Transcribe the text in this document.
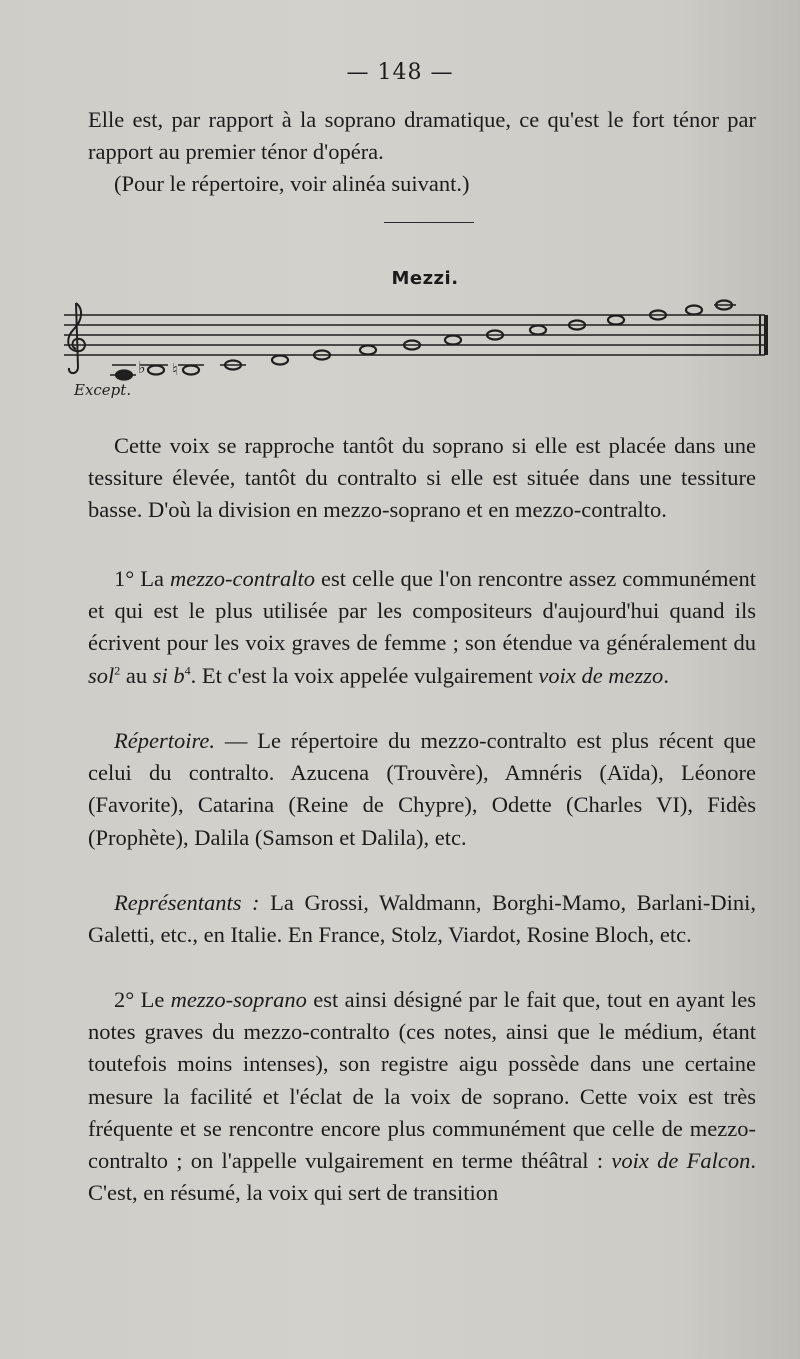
— 148 —
Elle est, par rapport à la soprano dramatique, ce qu'est le fort ténor par rapport au premier ténor d'opéra.
(Pour le répertoire, voir alinéa suivant.)
Mezzi.
♭ ♮
Except.
Cette voix se rapproche tantôt du soprano si elle est placée dans une tessiture élevée, tantôt du contralto si elle est située dans une tessiture basse. D'où la division en mezzo-soprano et en mezzo-contralto.
1° La mezzo-contralto est celle que l'on rencontre assez communément et qui est le plus utilisée par les compositeurs d'aujourd'hui quand ils écrivent pour les voix graves de femme ; son étendue va généralement du sol$^2$ au si $b^4$. Et c'est la voix appelée vulgairement voix de mezzo.
Répertoire. — Le répertoire du mezzo-contralto est plus récent que celui du contralto. Azucena (Trouvère), Amnéris (Aïda), Léonore (Favorite), Catarina (Reine de Chypre), Odette (Charles VI), Fidès (Prophète), Dalila (Samson et Dalila), etc.
Représentants : La Grossi, Waldmann, Borghi-Mamo, Barlani-Dini, Galetti, etc., en Italie. En France, Stolz, Viardot, Rosine Bloch, etc.
2° Le mezzo-soprano est ainsi désigné par le fait que, tout en ayant les notes graves du mezzo-contralto (ces notes, ainsi que le médium, étant toutefois moins intenses), son registre aigu possède dans une certaine mesure la facilité et l'éclat de la voix de soprano. Cette voix est très fréquente et se rencontre encore plus communément que celle de mezzo-contralto ; on l'appelle vulgairement en terme théâtral : voix de Falcon. C'est, en résumé, la voix qui sert de transition
